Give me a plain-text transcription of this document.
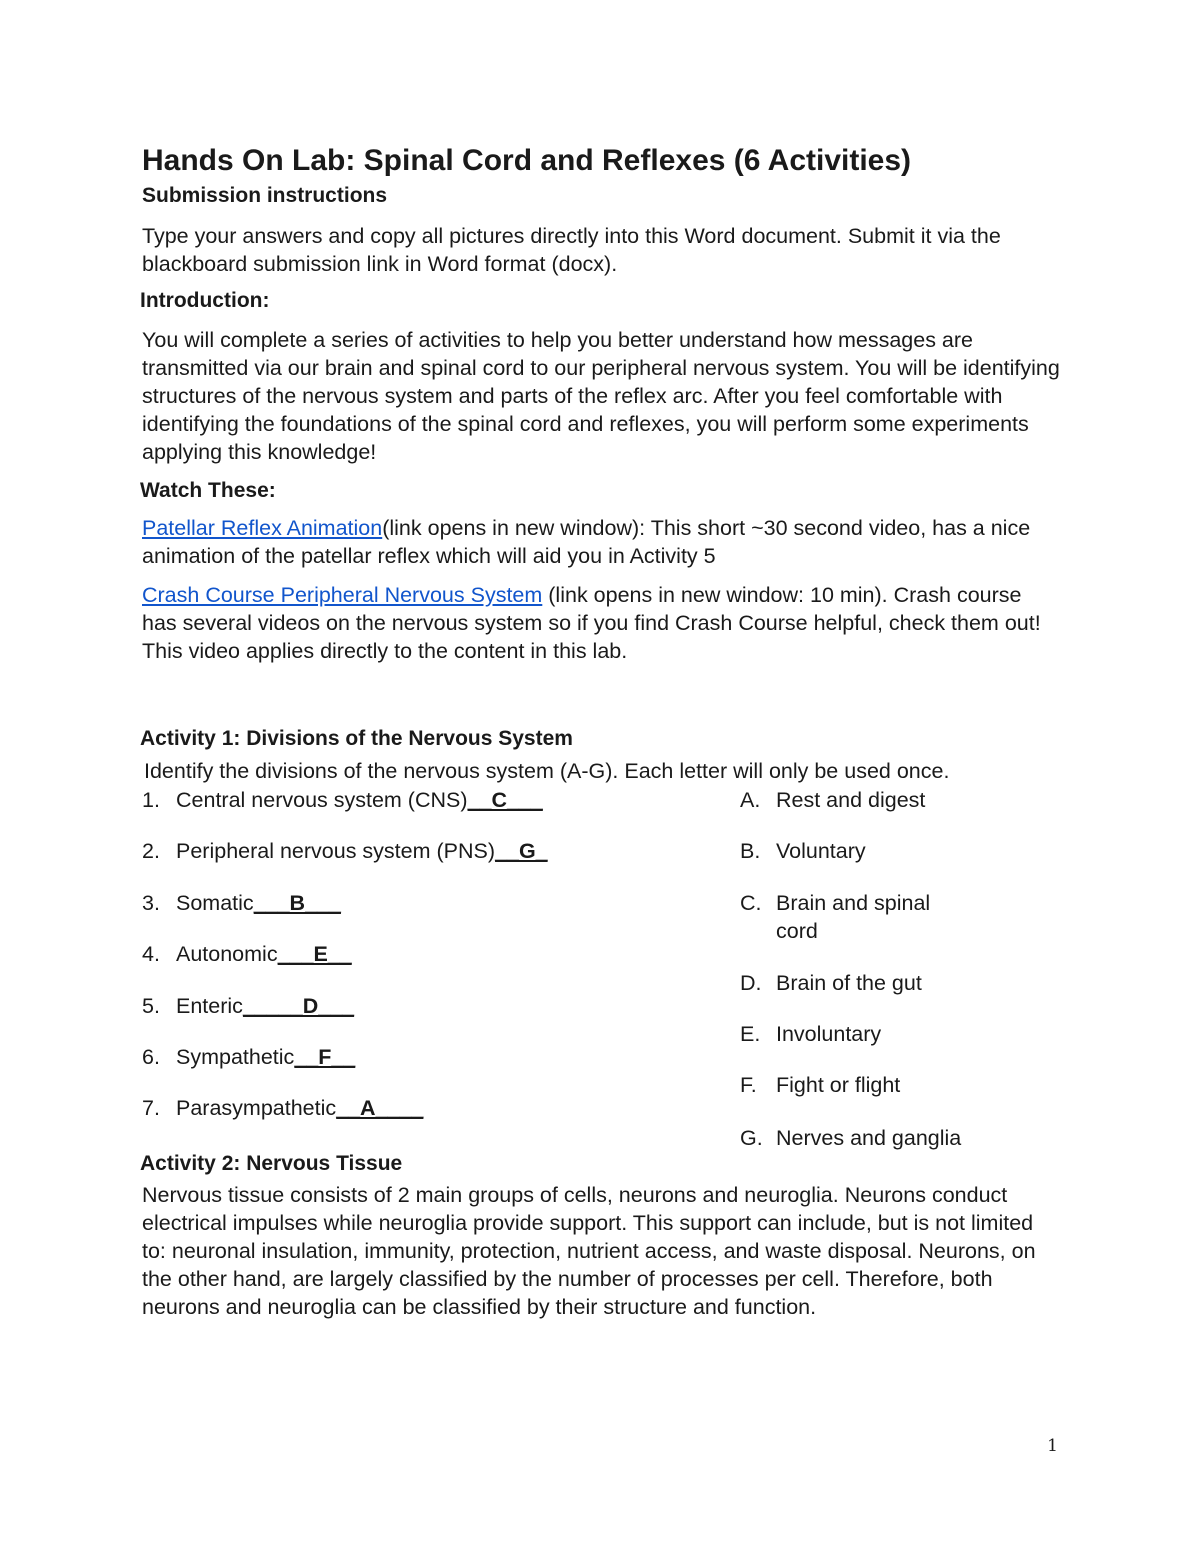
Hands On Lab: Spinal Cord and Reflexes (6 Activities)
Submission instructions

Type your answers and copy all pictures directly into this Word document. Submit it via the blackboard submission link in Word format (docx).

Introduction:

You will complete a series of activities to help you better understand how messages are transmitted via our brain and spinal cord to our peripheral nervous system. You will be identifying structures of the nervous system and parts of the reflex arc. After you feel comfortable with identifying the foundations of the spinal cord and reflexes, you will perform some experiments applying this knowledge!

Watch These:

Patellar Reflex Animation(link opens in new window): This short ~30 second video, has a nice animation of the patellar reflex which will aid you in Activity 5

Crash Course Peripheral Nervous System (link opens in new window: 10 min). Crash course has several videos on the nervous system so if you find Crash Course helpful, check them out! This video applies directly to the content in this lab.

Activity 1: Divisions of the Nervous System
Identify the divisions of the nervous system (A-G). Each letter will only be used once.
1. Central nervous system (CNS)__C___
2. Peripheral nervous system (PNS)__G_
3. Somatic___B___
4. Autonomic___E__
5. Enteric_____D___
6. Sympathetic__F__
7. Parasympathetic__A____
A. Rest and digest
B. Voluntary
C. Brain and spinal cord
D. Brain of the gut
E. Involuntary
F. Fight or flight
G. Nerves and ganglia
Activity 2: Nervous Tissue

Nervous tissue consists of 2 main groups of cells, neurons and neuroglia. Neurons conduct electrical impulses while neuroglia provide support. This support can include, but is not limited to: neuronal insulation, immunity, protection, nutrient access, and waste disposal. Neurons, on the other hand, are largely classified by the number of processes per cell. Therefore, both neurons and neuroglia can be classified by their structure and function.

1
